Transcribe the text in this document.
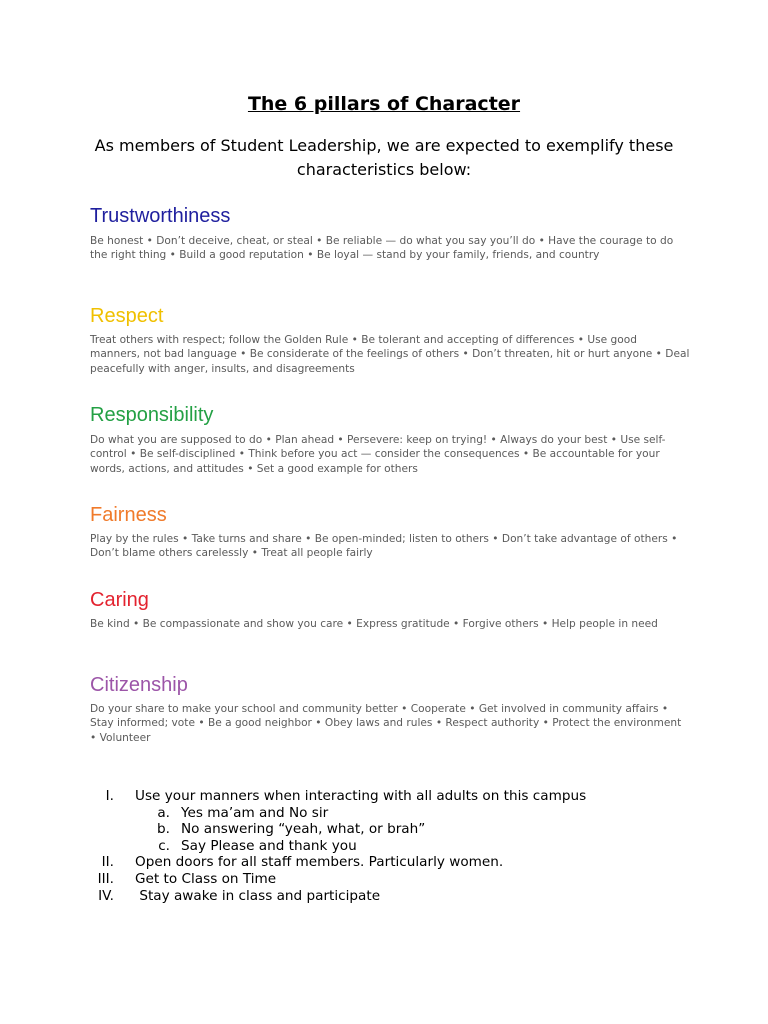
The 6 pillars of Character

As members of Student Leadership, we are expected to exemplify these characteristics below:

Trustworthiness

Be honest • Don’t deceive, cheat, or steal • Be reliable — do what you say you’ll do • Have the courage to do the right thing • Build a good reputation • Be loyal — stand by your family, friends, and country

Respect

Treat others with respect; follow the Golden Rule • Be tolerant and accepting of differences • Use good manners, not bad language • Be considerate of the feelings of others • Don’t threaten, hit or hurt anyone • Deal peacefully with anger, insults, and disagreements

Responsibility

Do what you are supposed to do • Plan ahead • Persevere: keep on trying! • Always do your best • Use self-control • Be self-disciplined • Think before you act — consider the consequences • Be accountable for your words, actions, and attitudes • Set a good example for others

Fairness

Play by the rules • Take turns and share • Be open-minded; listen to others • Don’t take advantage of others • Don’t blame others carelessly • Treat all people fairly

Caring

Be kind • Be compassionate and show you care • Express gratitude • Forgive others • Help people in need

Citizenship

Do your share to make your school and community better • Cooperate • Get involved in community affairs • Stay informed; vote • Be a good neighbor • Obey laws and rules • Respect authority • Protect the environment • Volunteer

I. Use your manners when interacting with all adults on this campus
a. Yes ma’am and No sir
b. No answering “yeah, what, or brah”
c. Say Please and thank you
II. Open doors for all staff members. Particularly women.
III. Get to Class on Time
IV. Stay awake in class and participate
